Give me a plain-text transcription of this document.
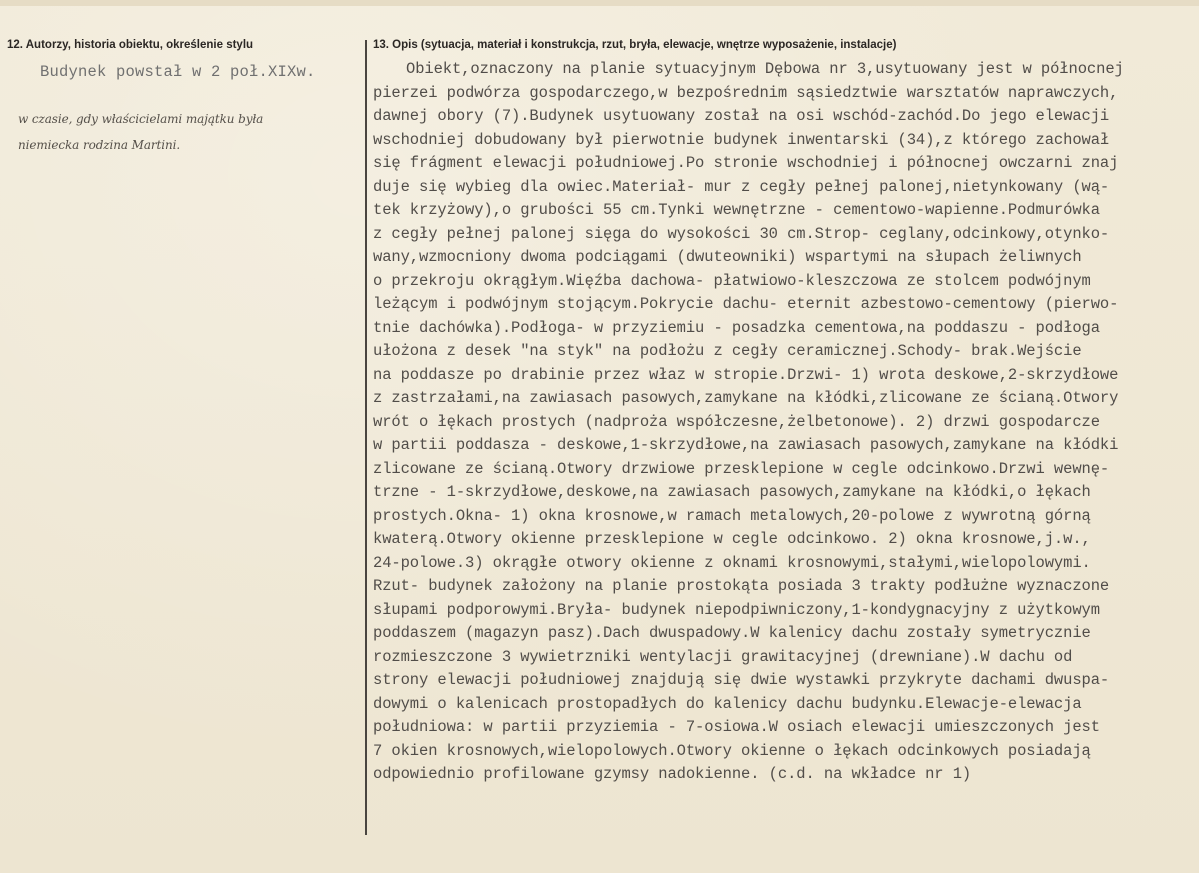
12. Autorzy, historia obiektu, określenie stylu	13. Opis (sytuacja, materiał i konstrukcja, rzut, bryła, elewacje, wnętrze wyposażenie, instalacje)
Budynek powstał w 2 poł.XIXw.
w czasie, gdy właścicielami majątku była
niemiecka rodzina Martini.
Obiekt,oznaczony na planie sytuacyjnym Dębowa nr 3,usytuowany jest w północnej
pierzei podwórza gospodarczego,w bezpośrednim sąsiedztwie warsztatów naprawczych,
dawnej obory (7).Budynek usytuowany został na osi wschód-zachód.Do jego elewacji
wschodniej dobudowany był pierwotnie budynek inwentarski (34),z którego zachował
się frágment elewacji południowej.Po stronie wschodniej i północnej owczarni znaj
duje się wybieg dla owiec.Materiał- mur z cegły pełnej palonej,nietynkowany (wą-
tek krzyżowy),o grubości 55 cm.Tynki wewnętrzne - cementowo-wapienne.Podmurówka
z cegły pełnej palonej sięga do wysokości 30 cm.Strop- ceglany,odcinkowy,otynko-
wany,wzmocniony dwoma podciągami (dwuteowniki) wspartymi na słupach żeliwnych
o przekroju okrągłym.Więźba dachowa- płatwiowo-kleszczowa ze stolcem podwójnym
leżącym i podwójnym stojącym.Pokrycie dachu- eternit azbestowo-cementowy (pierwo-
tnie dachówka).Podłoga- w przyziemiu - posadzka cementowa,na poddaszu - podłoga
ułożona z desek "na styk" na podłożu z cegły ceramicznej.Schody- brak.Wejście
na poddasze po drabinie przez właz w stropie.Drzwi- 1) wrota deskowe,2-skrzydłowe
z zastrzałami,na zawiasach pasowych,zamykane na kłódki,zlicowane ze ścianą.Otwory
wrót o łękach prostych (nadproża współczesne,żelbetonowe). 2) drzwi gospodarcze
w partii poddasza - deskowe,1-skrzydłowe,na zawiasach pasowych,zamykane na kłódki
zlicowane ze ścianą.Otwory drzwiowe przesklepione w cegle odcinkowo.Drzwi wewnę-
trzne - 1-skrzydłowe,deskowe,na zawiasach pasowych,zamykane na kłódki,o łękach
prostych.Okna- 1) okna krosnowe,w ramach metalowych,20-polowe z wywrotną górną
kwaterą.Otwory okienne przesklepione w cegle odcinkowo. 2) okna krosnowe,j.w.,
24-polowe.3) okrągłe otwory okienne z oknami krosnowymi,stałymi,wielopolowymi.
Rzut- budynek założony na planie prostokąta posiada 3 trakty podłużne wyznaczone
słupami podporowymi.Bryła- budynek niepodpiwniczony,1-kondygnacyjny z użytkowym
poddaszem (magazyn pasz).Dach dwuspadowy.W kalenicy dachu zostały symetrycznie
rozmieszczone 3 wywietrzniki wentylacji grawitacyjnej (drewniane).W dachu od
strony elewacji południowej znajdują się dwie wystawki przykryte dachami dwuspa-
dowymi o kalenicach prostopadłych do kalenicy dachu budynku.Elewacje-elewacja
południowa: w partii przyziemia - 7-osiowa.W osiach elewacji umieszczonych jest
7 okien krosnowych,wielopolowych.Otwory okienne o łękach odcinkowych posiadają
odpowiednio profilowane gzymsy nadokienne. (c.d. na wkładce nr 1)
